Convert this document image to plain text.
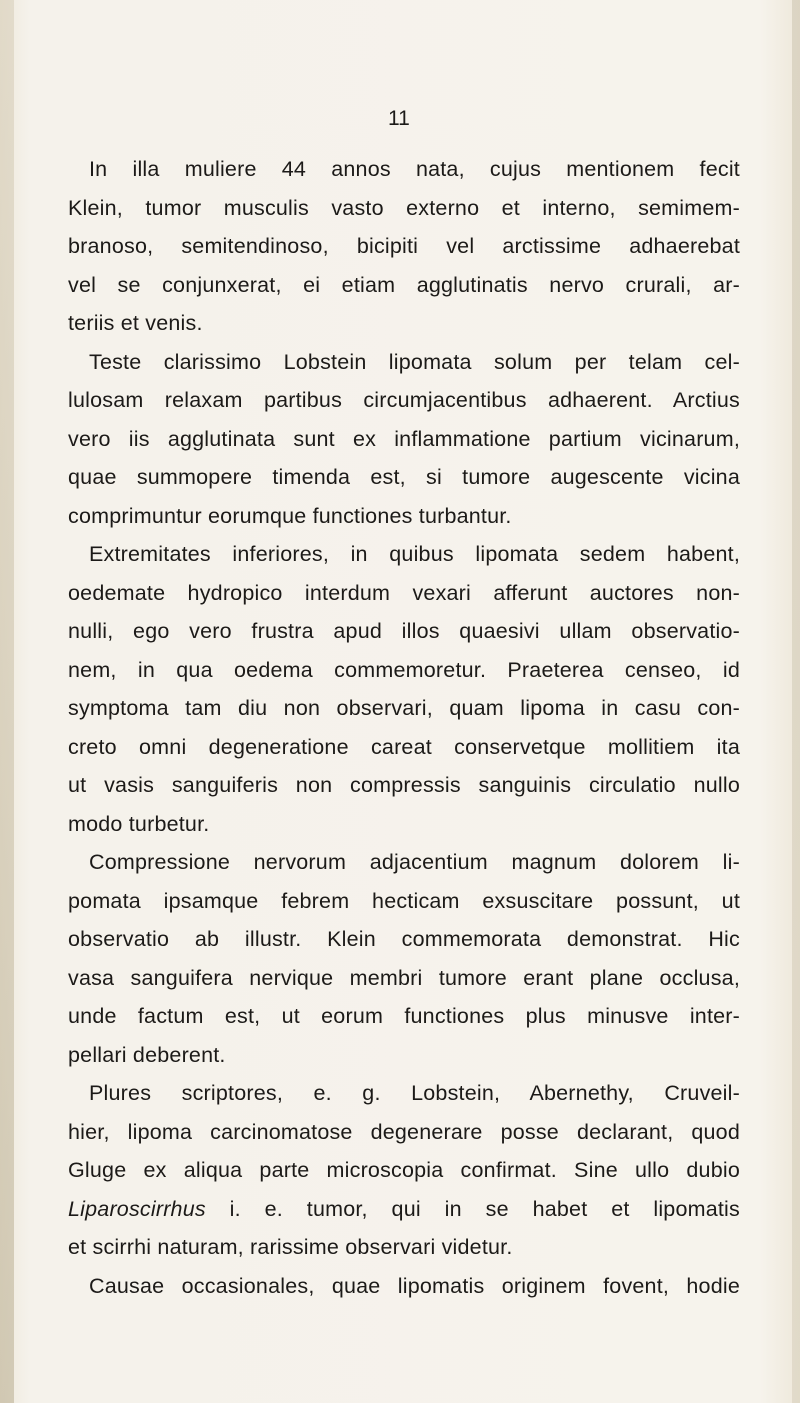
11
In illa muliere 44 annos nata, cujus mentionem fecit
Klein, tumor musculis vasto externo et interno, semimem-
branoso, semitendinoso, bicipiti vel arctissime adhaerebat
vel se conjunxerat, ei etiam agglutinatis nervo crurali, ar-
teriis et venis.
Teste clarissimo Lobstein lipomata solum per telam cel-
lulosam relaxam partibus circumjacentibus adhaerent. Arctius
vero iis agglutinata sunt ex inflammatione partium vicinarum,
quae summopere timenda est, si tumore augescente vicina
comprimuntur eorumque functiones turbantur.
Extremitates inferiores, in quibus lipomata sedem habent,
oedemate hydropico interdum vexari afferunt auctores non-
nulli, ego vero frustra apud illos quaesivi ullam observatio-
nem, in qua oedema commemoretur. Praeterea censeo, id
symptoma tam diu non observari, quam lipoma in casu con-
creto omni degeneratione careat conservetque mollitiem ita
ut vasis sanguiferis non compressis sanguinis circulatio nullo
modo turbetur.
Compressione nervorum adjacentium magnum dolorem li-
pomata ipsamque febrem hecticam exsuscitare possunt, ut
observatio ab illustr. Klein commemorata demonstrat. Hic
vasa sanguifera nervique membri tumore erant plane occlusa,
unde factum est, ut eorum functiones plus minusve inter-
pellari deberent.
Plures scriptores, e. g. Lobstein, Abernethy, Cruveil-
hier, lipoma carcinomatose degenerare posse declarant, quod
Gluge ex aliqua parte microscopia confirmat. Sine ullo dubio
Liparoscirrhus i. e. tumor, qui in se habet et lipomatis
et scirrhi naturam, rarissime observari videtur.
Causae occasionales, quae lipomatis originem fovent, hodie
